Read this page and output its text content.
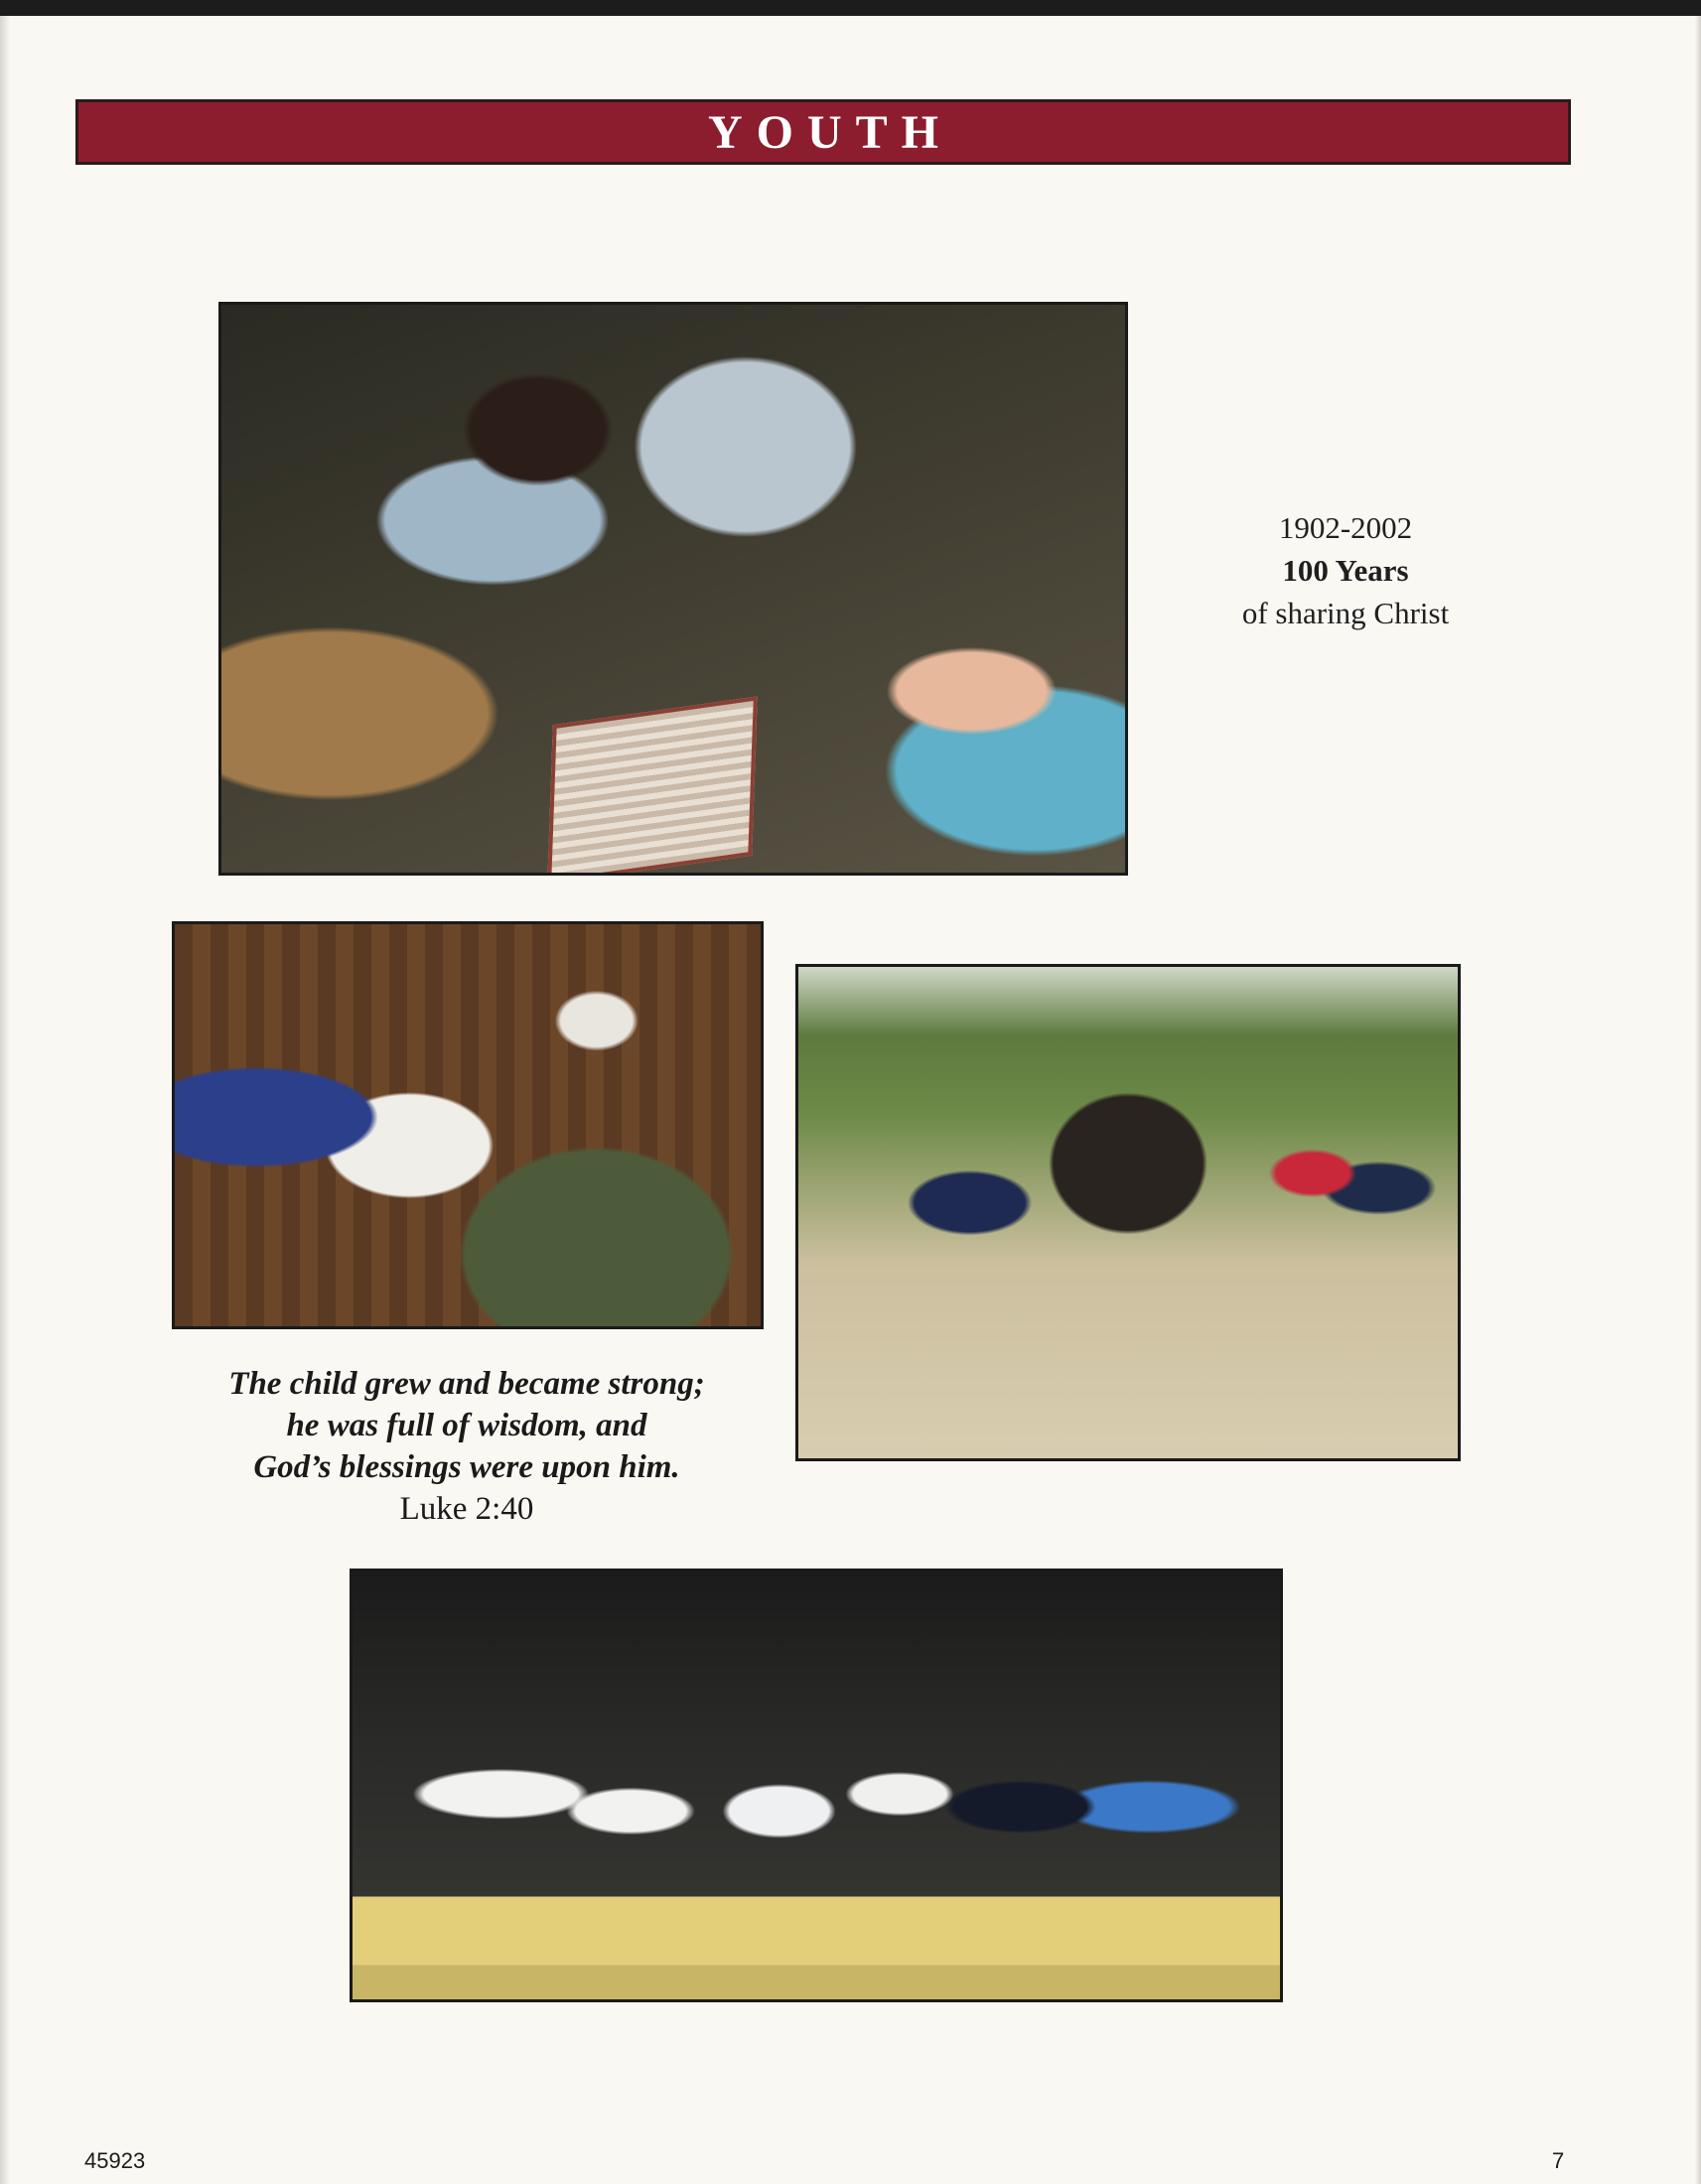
YOUTH
1902-2002
100 Years
of sharing Christ
The child grew and became strong;
he was full of wisdom, and
God’s blessings were upon him.
Luke 2:40
45923	7
